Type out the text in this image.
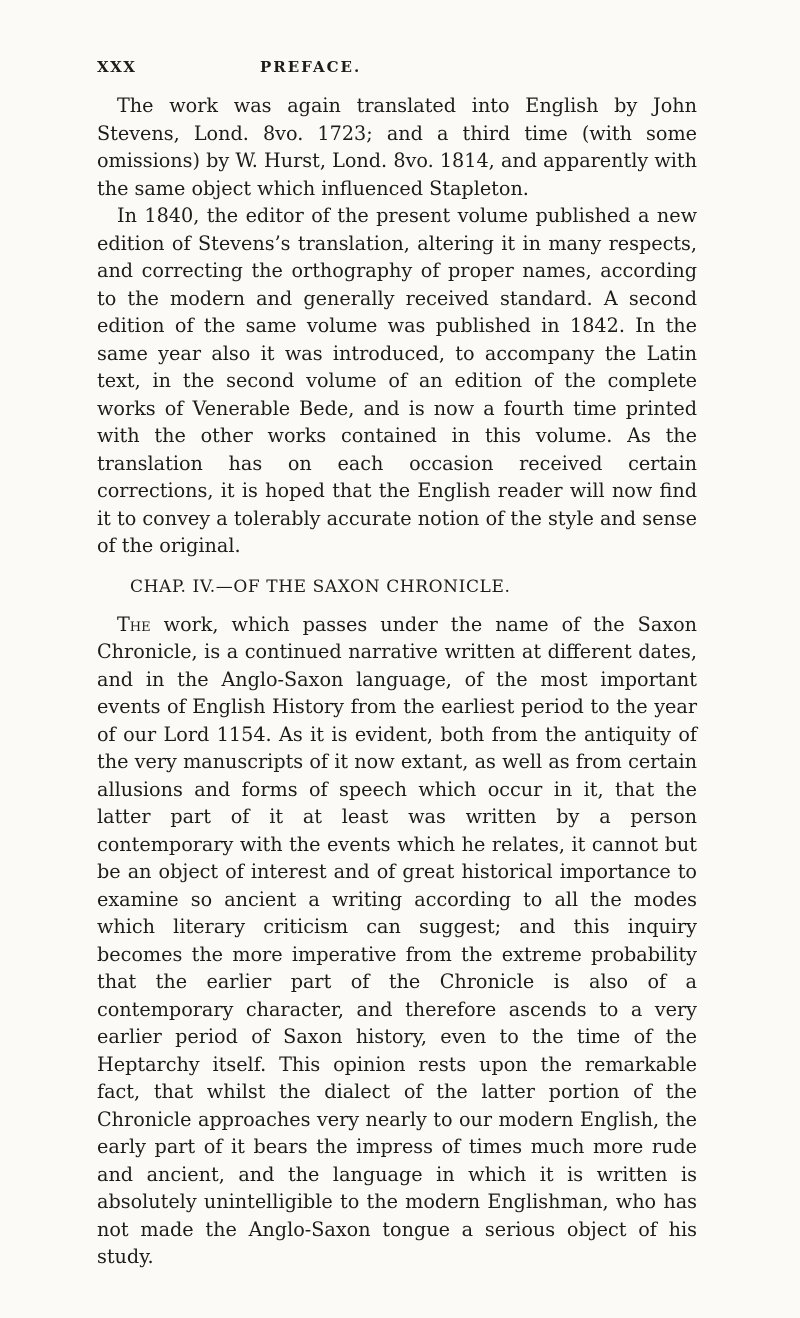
XXX	PREFACE.

The work was again translated into English by John Stevens, Lond. 8vo. 1723; and a third time (with some omissions) by W. Hurst, Lond. 8vo. 1814, and apparently with the same object which influenced Stapleton.

In 1840, the editor of the present volume published a new edition of Stevens’s translation, altering it in many respects, and correcting the orthography of proper names, according to the modern and generally received standard. A second edition of the same volume was published in 1842. In the same year also it was introduced, to accompany the Latin text, in the second volume of an edition of the complete works of Venerable Bede, and is now a fourth time printed with the other works contained in this volume. As the translation has on each occasion received certain corrections, it is hoped that the English reader will now find it to convey a tolerably accurate notion of the style and sense of the original.

CHAP. IV.—OF THE SAXON CHRONICLE.

The work, which passes under the name of the Saxon Chronicle, is a continued narrative written at different dates, and in the Anglo-Saxon language, of the most important events of English History from the earliest period to the year of our Lord 1154. As it is evident, both from the antiquity of the very manuscripts of it now extant, as well as from certain allusions and forms of speech which occur in it, that the latter part of it at least was written by a person contemporary with the events which he relates, it cannot but be an object of interest and of great historical importance to examine so ancient a writing according to all the modes which literary criticism can suggest; and this inquiry becomes the more imperative from the extreme probability that the earlier part of the Chronicle is also of a contemporary character, and therefore ascends to a very earlier period of Saxon history, even to the time of the Heptarchy itself. This opinion rests upon the remarkable fact, that whilst the dialect of the latter portion of the Chronicle approaches very nearly to our modern English, the early part of it bears the impress of times much more rude and ancient, and the language in which it is written is absolutely unintelligible to the modern Englishman, who has not made the Anglo-Saxon tongue a serious object of his study.
